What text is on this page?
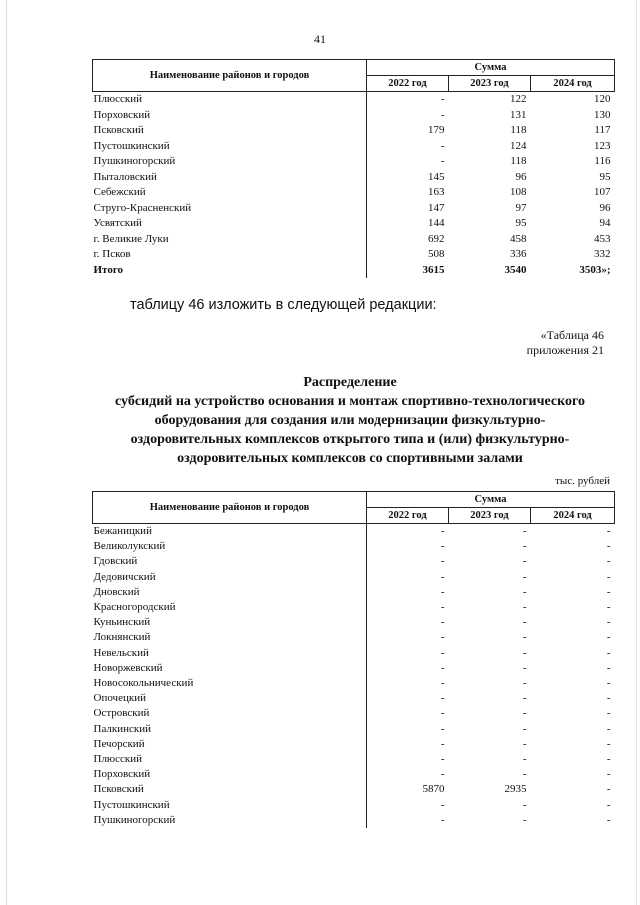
41
Наименование районов и городов	Сумма		
	2022 год	2023 год	2024 год
Плюсский	-	122	120
Порховский	-	131	130
Псковский	179	118	117
Пустошкинский	-	124	123
Пушкиногорский	-	118	116
Пыталовский	145	96	95
Себежский	163	108	107
Струго-Красненский	147	97	96
Усвятский	144	95	94
г. Великие Луки	692	458	453
г. Псков	508	336	332
Итого	3615	3540	3503»;
таблицу 46 изложить в следующей редакции:
«Таблица 46
приложения 21
Распределение
субсидий на устройство основания и монтаж спортивно-технологического
оборудования для создания или модернизации физкультурно-
оздоровительных комплексов открытого типа и (или) физкультурно-
оздоровительных комплексов со спортивными залами
тыс. рублей
Наименование районов и городов	Сумма		
	2022 год	2023 год	2024 год
Бежаницкий	-	-	-
Великолукский	-	-	-
Гдовский	-	-	-
Дедовичский	-	-	-
Дновский	-	-	-
Красногородский	-	-	-
Куньинский	-	-	-
Локнянский	-	-	-
Невельский	-	-	-
Новоржевский	-	-	-
Новосокольнический	-	-	-
Опочецкий	-	-	-
Островский	-	-	-
Палкинский	-	-	-
Печорский	-	-	-
Плюсский	-	-	-
Порховский	-	-	-
Псковский	5870	2935	-
Пустошкинский	-	-	-
Пушкиногорский	-	-	-
